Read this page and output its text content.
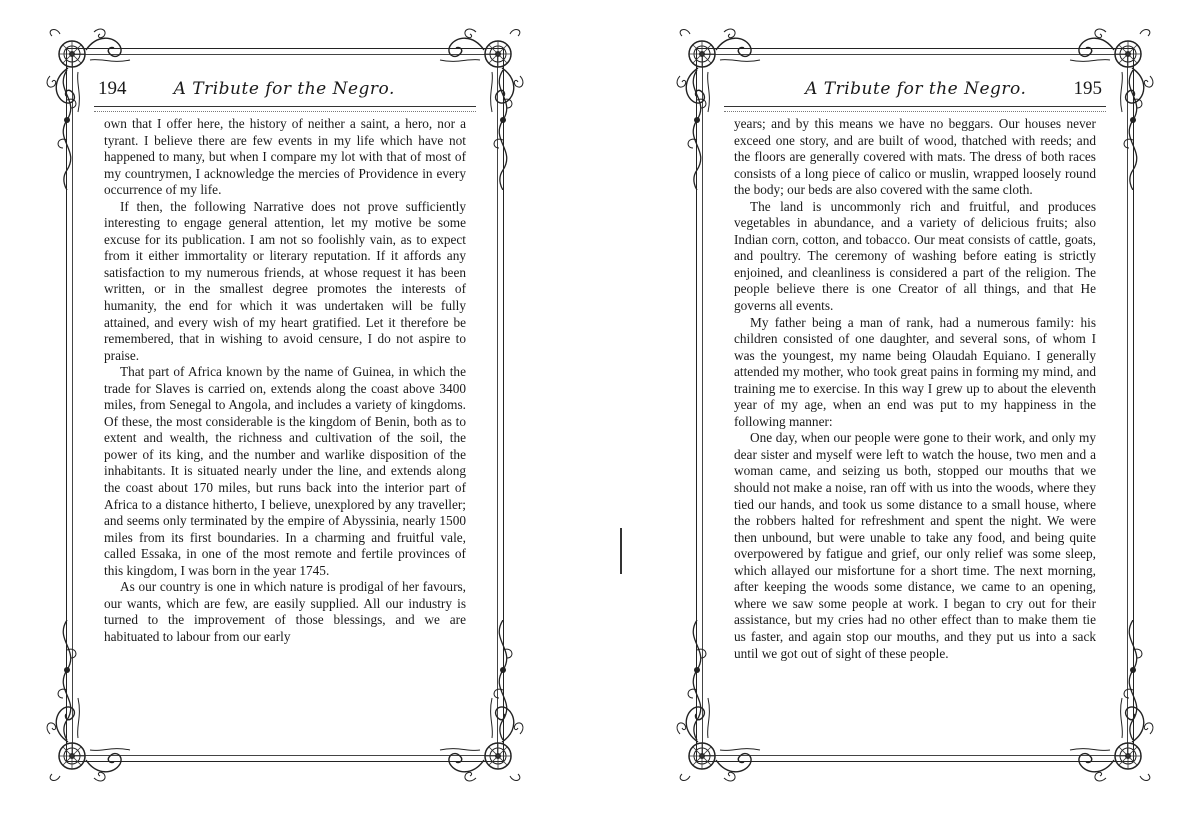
194	A Tribute for the Negro.

own that I offer here, the history of neither a saint, a hero, nor a tyrant. I believe there are few events in my life which have not happened to many, but when I compare my lot with that of most of my countrymen, I acknowledge the mercies of Providence in every occurrence of my life.

If then, the following Narrative does not prove sufficiently interesting to engage general attention, let my motive be some excuse for its publication. I am not so foolishly vain, as to expect from it either immortality or literary reputation. If it affords any satisfaction to my numerous friends, at whose request it has been written, or in the smallest degree promotes the interests of humanity, the end for which it was undertaken will be fully attained, and every wish of my heart gratified. Let it therefore be remembered, that in wishing to avoid censure, I do not aspire to praise.

That part of Africa known by the name of Guinea, in which the trade for Slaves is carried on, extends along the coast above 3400 miles, from Senegal to Angola, and includes a variety of kingdoms. Of these, the most considerable is the kingdom of Benin, both as to extent and wealth, the richness and cultivation of the soil, the power of its king, and the number and warlike disposition of the inhabitants. It is situated nearly under the line, and extends along the coast about 170 miles, but runs back into the interior part of Africa to a distance hitherto, I believe, unexplored by any traveller; and seems only terminated by the empire of Abyssinia, nearly 1500 miles from its first boundaries. In a charming and fruitful vale, called Essaka, in one of the most remote and fertile provinces of this kingdom, I was born in the year 1745.

As our country is one in which nature is prodigal of her favours, our wants, which are few, are easily supplied. All our industry is turned to the improvement of those blessings, and we are habituated to labour from our early

A Tribute for the Negro.	195

years; and by this means we have no beggars. Our houses never exceed one story, and are built of wood, thatched with reeds; and the floors are generally covered with mats. The dress of both races consists of a long piece of calico or muslin, wrapped loosely round the body; our beds are also covered with the same cloth.

The land is uncommonly rich and fruitful, and produces vegetables in abundance, and a variety of delicious fruits; also Indian corn, cotton, and tobacco. Our meat consists of cattle, goats, and poultry. The ceremony of washing before eating is strictly enjoined, and cleanliness is considered a part of the religion. The people believe there is one Creator of all things, and that He governs all events.

My father being a man of rank, had a numerous family: his children consisted of one daughter, and several sons, of whom I was the youngest, my name being Olaudah Equiano. I generally attended my mother, who took great pains in forming my mind, and training me to exercise. In this way I grew up to about the eleventh year of my age, when an end was put to my happiness in the following manner:

One day, when our people were gone to their work, and only my dear sister and myself were left to watch the house, two men and a woman came, and seizing us both, stopped our mouths that we should not make a noise, ran off with us into the woods, where they tied our hands, and took us some distance to a small house, where the robbers halted for refreshment and spent the night. We were then unbound, but were unable to take any food, and being quite overpowered by fatigue and grief, our only relief was some sleep, which allayed our misfortune for a short time. The next morning, after keeping the woods some distance, we came to an opening, where we saw some people at work. I began to cry out for their assistance, but my cries had no other effect than to make them tie us faster, and again stop our mouths, and they put us into a sack until we got out of sight of these people.
